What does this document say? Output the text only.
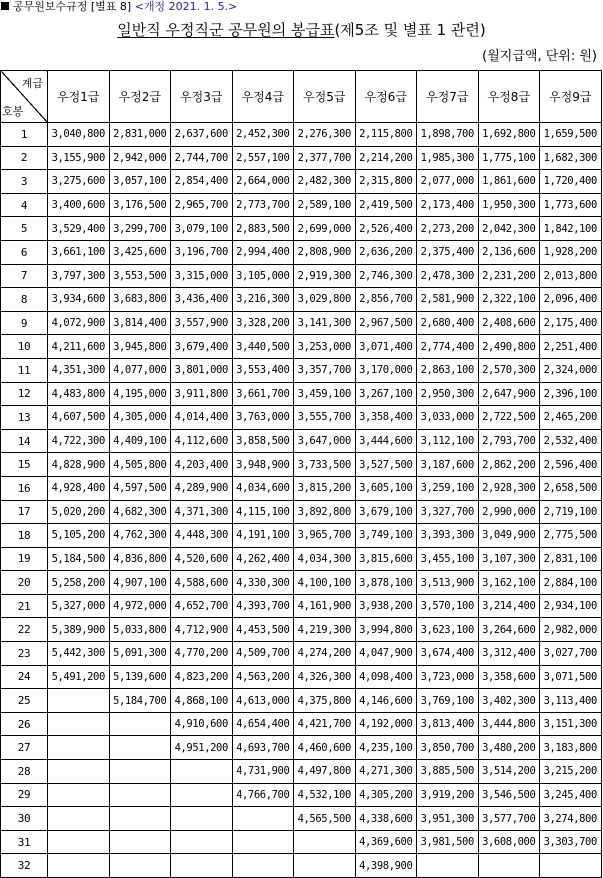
공무원보수규정 [별표 8] <개정 2021. 1. 5.>
일반직 우정직군 공무원의 봉급표(제5조 및 별표 1 관련)
(월지급액, 단위: 원)
계급
호봉	우정1급	우정2급	우정3급	우정4급	우정5급	우정6급	우정7급	우정8급	우정9급
1	3,040,800	2,831,000	2,637,600	2,452,300	2,276,300	2,115,800	1,898,700	1,692,800	1,659,500
2	3,155,900	2,942,000	2,744,700	2,557,100	2,377,700	2,214,200	1,985,300	1,775,100	1,682,300
3	3,275,600	3,057,100	2,854,400	2,664,000	2,482,300	2,315,800	2,077,000	1,861,600	1,720,400
4	3,400,600	3,176,500	2,965,700	2,773,700	2,589,100	2,419,500	2,173,400	1,950,300	1,773,600
5	3,529,400	3,299,700	3,079,100	2,883,500	2,699,000	2,526,400	2,273,200	2,042,300	1,842,100
6	3,661,100	3,425,600	3,196,700	2,994,400	2,808,900	2,636,200	2,375,400	2,136,600	1,928,200
7	3,797,300	3,553,500	3,315,000	3,105,000	2,919,300	2,746,300	2,478,300	2,231,200	2,013,800
8	3,934,600	3,683,800	3,436,400	3,216,300	3,029,800	2,856,700	2,581,900	2,322,100	2,096,400
9	4,072,900	3,814,400	3,557,900	3,328,200	3,141,300	2,967,500	2,680,400	2,408,600	2,175,400
10	4,211,600	3,945,800	3,679,400	3,440,500	3,253,000	3,071,400	2,774,400	2,490,800	2,251,400
11	4,351,300	4,077,000	3,801,000	3,553,400	3,357,700	3,170,000	2,863,100	2,570,300	2,324,000
12	4,483,800	4,195,000	3,911,800	3,661,700	3,459,100	3,267,100	2,950,300	2,647,900	2,396,100
13	4,607,500	4,305,000	4,014,400	3,763,000	3,555,700	3,358,400	3,033,000	2,722,500	2,465,200
14	4,722,300	4,409,100	4,112,600	3,858,500	3,647,000	3,444,600	3,112,100	2,793,700	2,532,400
15	4,828,900	4,505,800	4,203,400	3,948,900	3,733,500	3,527,500	3,187,600	2,862,200	2,596,400
16	4,928,400	4,597,500	4,289,900	4,034,600	3,815,200	3,605,100	3,259,100	2,928,300	2,658,500
17	5,020,200	4,682,300	4,371,300	4,115,100	3,892,800	3,679,100	3,327,700	2,990,000	2,719,100
18	5,105,200	4,762,300	4,448,300	4,191,100	3,965,700	3,749,100	3,393,300	3,049,900	2,775,500
19	5,184,500	4,836,800	4,520,600	4,262,400	4,034,300	3,815,600	3,455,100	3,107,300	2,831,100
20	5,258,200	4,907,100	4,588,600	4,330,300	4,100,100	3,878,100	3,513,900	3,162,100	2,884,100
21	5,327,000	4,972,000	4,652,700	4,393,700	4,161,900	3,938,200	3,570,100	3,214,400	2,934,100
22	5,389,900	5,033,800	4,712,900	4,453,500	4,219,300	3,994,800	3,623,100	3,264,600	2,982,000
23	5,442,300	5,091,300	4,770,200	4,509,700	4,274,200	4,047,900	3,674,400	3,312,400	3,027,700
24	5,491,200	5,139,600	4,823,200	4,563,200	4,326,300	4,098,400	3,723,000	3,358,600	3,071,500
25		5,184,700	4,868,100	4,613,000	4,375,800	4,146,600	3,769,100	3,402,300	3,113,400
26			4,910,600	4,654,400	4,421,700	4,192,000	3,813,400	3,444,800	3,151,300
27			4,951,200	4,693,700	4,460,600	4,235,100	3,850,700	3,480,200	3,183,800
28				4,731,900	4,497,800	4,271,300	3,885,500	3,514,200	3,215,200
29				4,766,700	4,532,100	4,305,200	3,919,200	3,546,500	3,245,400
30					4,565,500	4,338,600	3,951,300	3,577,700	3,274,800
31						4,369,600	3,981,500	3,608,000	3,303,700
32						4,398,900			
